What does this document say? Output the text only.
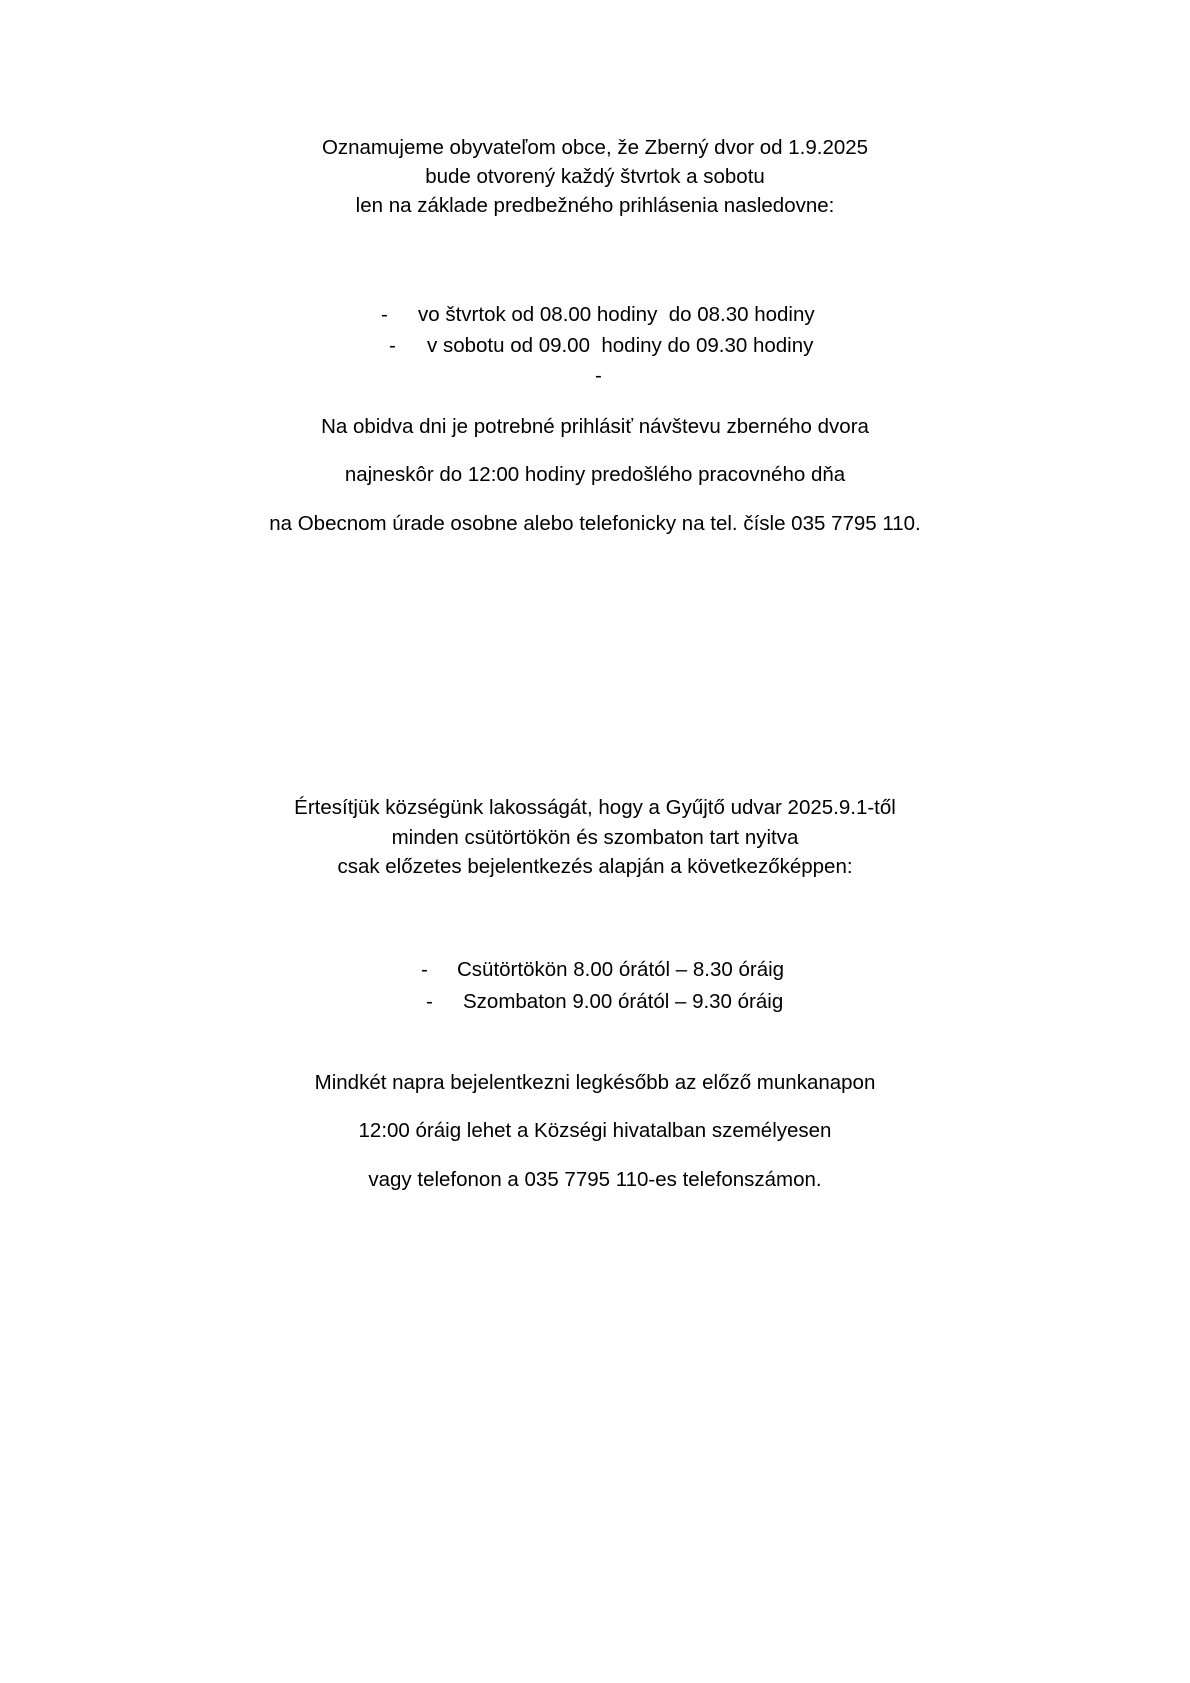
Oznamujeme obyvateľom obce, že Zberný dvor od 1.9.2025
bude otvorený každý štvrtok a sobotu
len na základe predbežného prihlásenia nasledovne:
- vo štvrtok od 08.00 hodiny  do 08.30 hodiny
- v sobotu od 09.00  hodiny do 09.30 hodiny
-
Na obidva dni je potrebné prihlásiť návštevu zberného dvora
najneskôr do 12:00 hodiny predošlého pracovného dňa
na Obecnom úrade osobne alebo telefonicky na tel. čísle 035 7795 110.
Értesítjük községünk lakosságát, hogy a Gyűjtő udvar 2025.9.1-től
minden csütörtökön és szombaton tart nyitva
csak előzetes bejelentkezés alapján a következőképpen:
- Csütörtökön 8.00 órától – 8.30 óráig
- Szombaton 9.00 órától – 9.30 óráig
Mindkét napra bejelentkezni legkésőbb az előző munkanapon
12:00 óráig lehet a Községi hivatalban személyesen
vagy telefonon a 035 7795 110-es telefonszámon.
